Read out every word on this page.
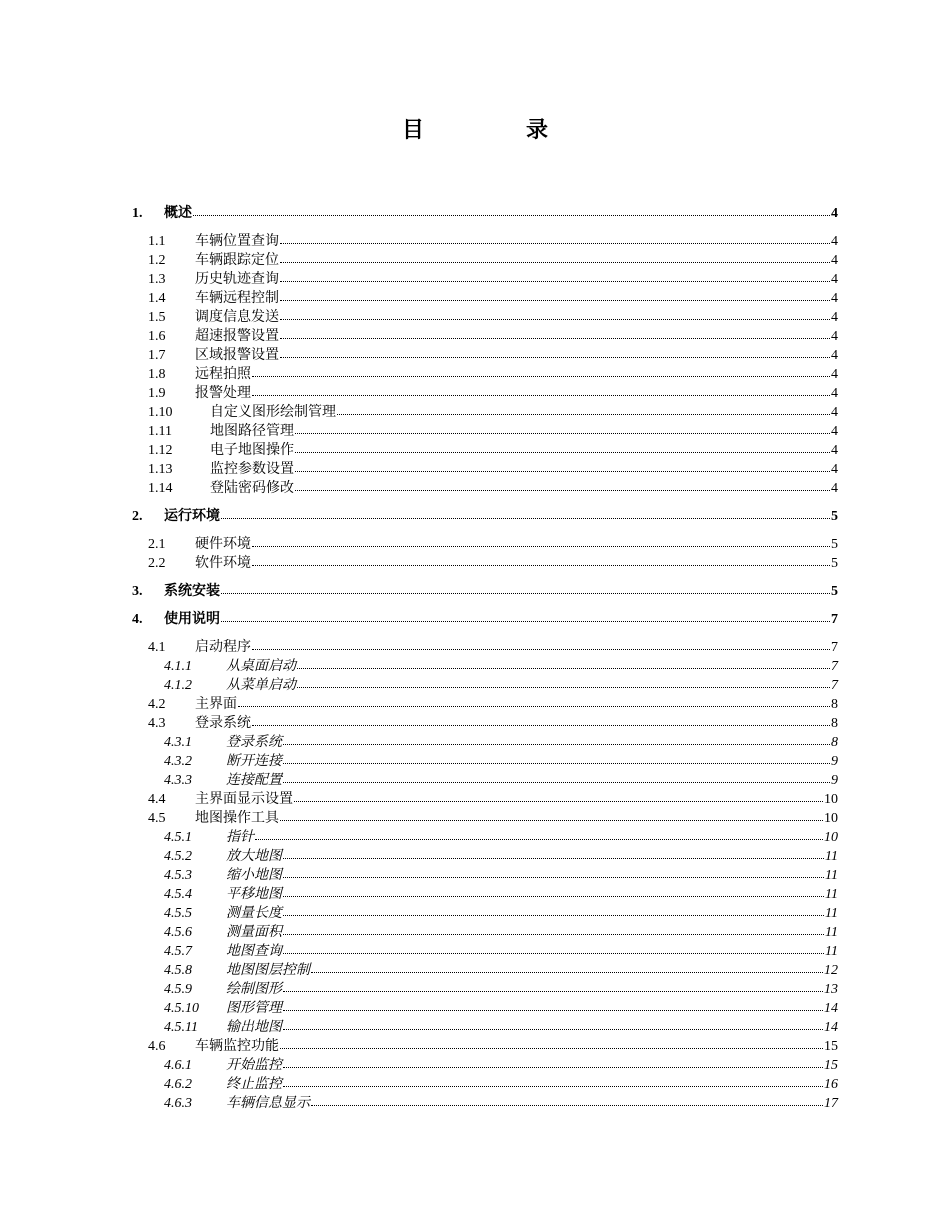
目　录
1.	概述	4
1.1	车辆位置查询	4
1.2	车辆跟踪定位	4
1.3	历史轨迹查询	4
1.4	车辆远程控制	4
1.5	调度信息发送	4
1.6	超速报警设置	4
1.7	区域报警设置	4
1.8	远程拍照	4
1.9	报警处理	4
1.10	自定义图形绘制管理	4
1.11	地图路径管理	4
1.12	电子地图操作	4
1.13	监控参数设置	4
1.14	登陆密码修改	4
2.	运行环境	5
2.1	硬件环境	5
2.2	软件环境	5
3.	系统安装	5
4.	使用说明	7
4.1	启动程序	7
4.1.1	从桌面启动	7
4.1.2	从菜单启动	7
4.2	主界面	8
4.3	登录系统	8
4.3.1	登录系统	8
4.3.2	断开连接	9
4.3.3	连接配置	9
4.4	主界面显示设置	10
4.5	地图操作工具	10
4.5.1	指针	10
4.5.2	放大地图	11
4.5.3	缩小地图	11
4.5.4	平移地图	11
4.5.5	测量长度	11
4.5.6	测量面积	11
4.5.7	地图查询	11
4.5.8	地图图层控制	12
4.5.9	绘制图形	13
4.5.10	图形管理	14
4.5.11	输出地图	14
4.6	车辆监控功能	15
4.6.1	开始监控	15
4.6.2	终止监控	16
4.6.3	车辆信息显示	17
